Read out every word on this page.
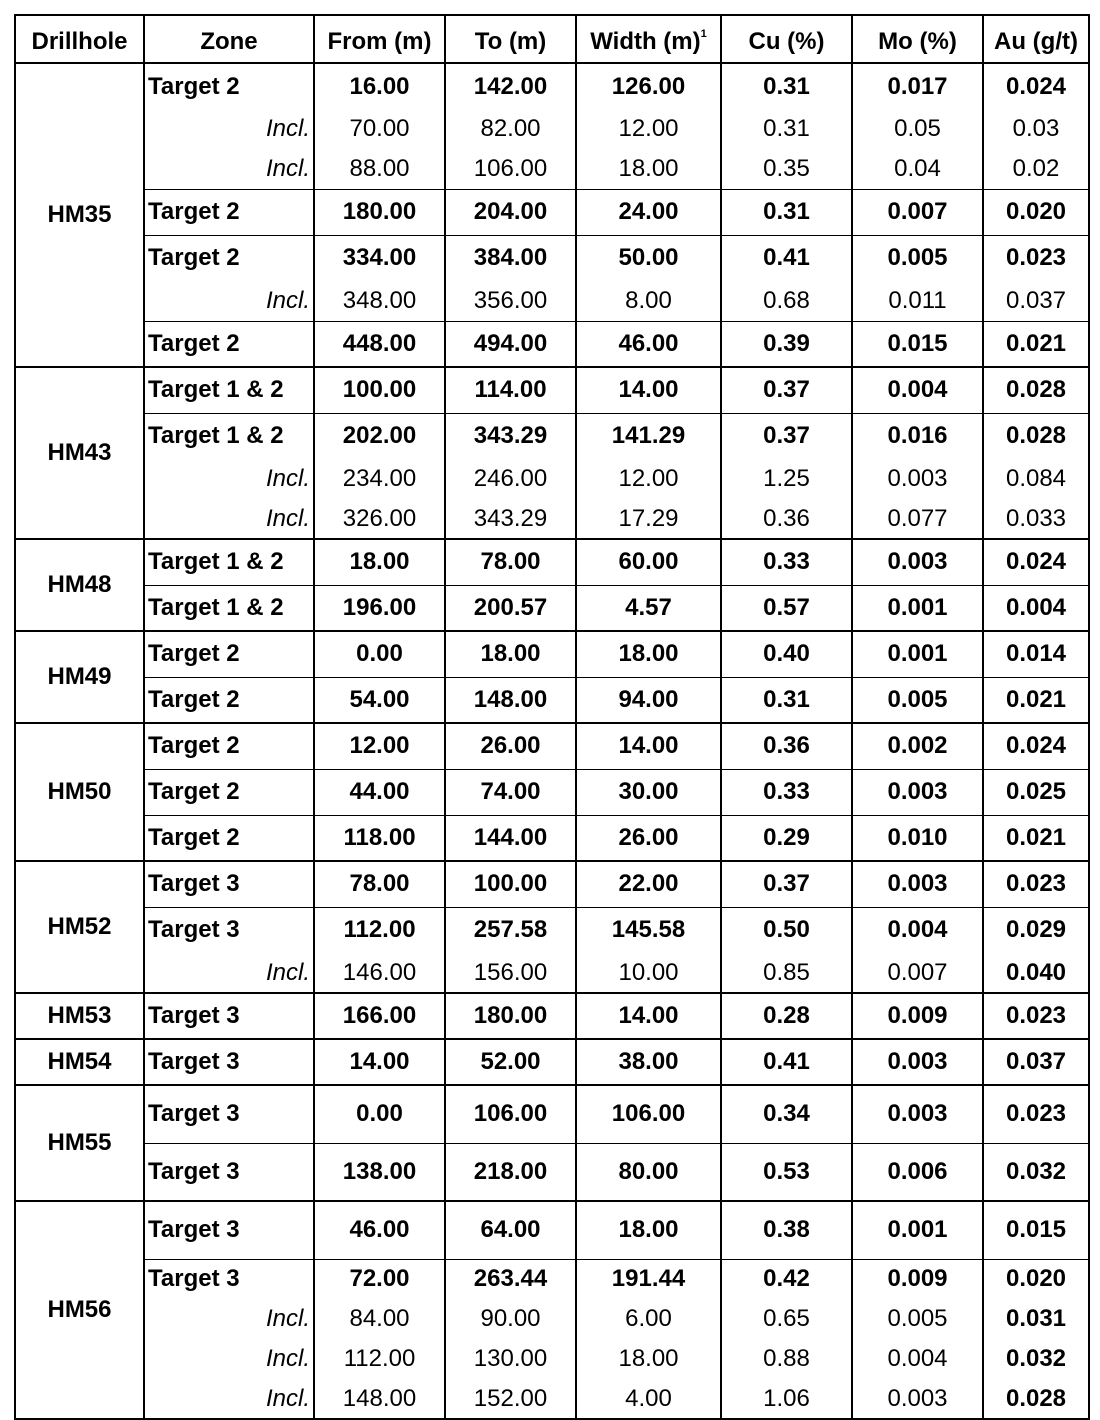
Drillhole	Zone	From (m)	To (m)	Width $(m)^1$	Cu (%)	Mo (%)	Au (g/t)
HM35	Target 2	16.00	142.00	126.00	0.31	0.017	0.024
	Incl.	70.00	82.00	12.00	0.31	0.05	0.03
	Incl.	88.00	106.00	18.00	0.35	0.04	0.02
	Target 2	180.00	204.00	24.00	0.31	0.007	0.020
	Target 2	334.00	384.00	50.00	0.41	0.005	0.023
	Incl.	348.00	356.00	8.00	0.68	0.011	0.037
	Target 2	448.00	494.00	46.00	0.39	0.015	0.021
HM43	Target 1 & 2	100.00	114.00	14.00	0.37	0.004	0.028
	Target 1 & 2	202.00	343.29	141.29	0.37	0.016	0.028
	Incl.	234.00	246.00	12.00	1.25	0.003	0.084
	Incl.	326.00	343.29	17.29	0.36	0.077	0.033
HM48	Target 1 & 2	18.00	78.00	60.00	0.33	0.003	0.024
	Target 1 & 2	196.00	200.57	4.57	0.57	0.001	0.004
HM49	Target 2	0.00	18.00	18.00	0.40	0.001	0.014
	Target 2	54.00	148.00	94.00	0.31	0.005	0.021
HM50	Target 2	12.00	26.00	14.00	0.36	0.002	0.024
	Target 2	44.00	74.00	30.00	0.33	0.003	0.025
	Target 2	118.00	144.00	26.00	0.29	0.010	0.021
HM52	Target 3	78.00	100.00	22.00	0.37	0.003	0.023
	Target 3	112.00	257.58	145.58	0.50	0.004	0.029
	Incl.	146.00	156.00	10.00	0.85	0.007	0.040
HM53	Target 3	166.00	180.00	14.00	0.28	0.009	0.023
HM54	Target 3	14.00	52.00	38.00	0.41	0.003	0.037
HM55	Target 3	0.00	106.00	106.00	0.34	0.003	0.023
	Target 3	138.00	218.00	80.00	0.53	0.006	0.032
HM56	Target 3	46.00	64.00	18.00	0.38	0.001	0.015
	Target 3	72.00	263.44	191.44	0.42	0.009	0.020
	Incl.	84.00	90.00	6.00	0.65	0.005	0.031
	Incl.	112.00	130.00	18.00	0.88	0.004	0.032
	Incl.	148.00	152.00	4.00	1.06	0.003	0.028
